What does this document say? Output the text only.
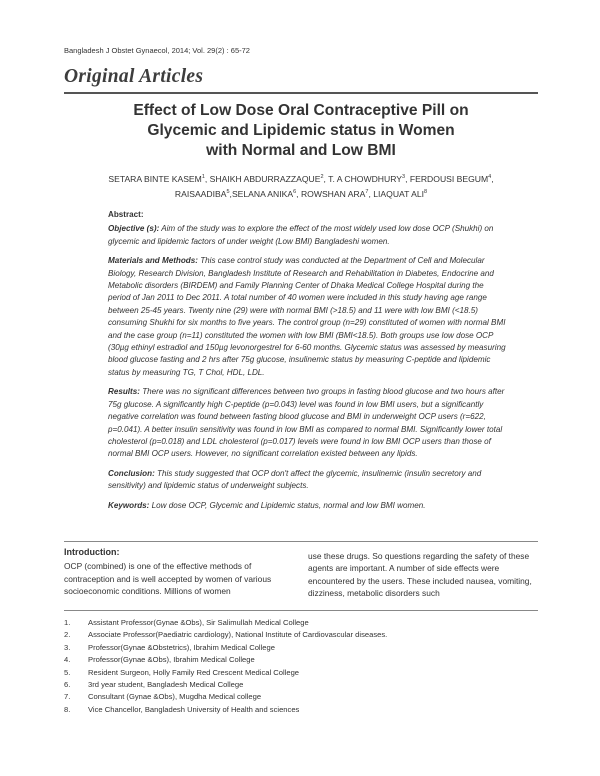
Bangladesh J Obstet Gynaecol, 2014; Vol. 29(2) : 65-72
Original Articles
Effect of Low Dose Oral Contraceptive Pill on
Glycemic and Lipidemic status in Women
with Normal and Low BMI
SETARA BINTE KASEM$^1$, SHAIKH ABDURRAZZAQUE$^2$, T. A CHOWDHURY$^3$, FERDOUSI BEGUM$^4$,
RAISAADIBA$^5$,SELANA ANIKA$^6$, ROWSHAN ARA$^7$, LIAQUAT ALI$^8$
Abstract:

Objective (s): Aim of the study was to explore the effect of the most widely used low dose OCP (Shukhi) on glycemic and lipidemic factors of under weight (Low BMI) Bangladeshi women.

Materials and Methods: This case control study was conducted at the Department of Cell and Molecular Biology, Research Division, Bangladesh Institute of Research and Rehabilitation in Diabetes, Endocrine and Metabolic disorders (BIRDEM) and Family Planning Center of Dhaka Medical College Hospital during the period of Jan 2011 to Dec 2011. A total number of 40 women were included in this study having age range between 25-45 years. Twenty nine (29) were with normal BMI (>18.5) and 11 were with low BMI (<18.5) consuming Shukhi for six months to five years. The control group (n=29) constituted of women with normal BMI and the case group (n=11) constituted the women with low BMI (BMI<18.5). Both groups use low dose OCP (30µg ethinyl estradiol and 150µg levonorgestrel for 6-60 months. Glycemic status was assessed by measuring blood glucose fasting and 2 hrs after 75g glucose, insulinemic status by measuring C-peptide and lipidemic status by measuring TG, T Chol, HDL, LDL.

Results: There was no significant differences between two groups in fasting blood glucose and two hours after 75g glucose. A significantly high C-peptide (p=0.043) level was found in low BMI users, but a significantly negative correlation was found between fasting blood glucose and BMI in underweight OCP users (r=622, p=0.041). A better insulin sensitivity was found in low BMI as compared to normal BMI. Significantly lower total cholesterol (p=0.018) and LDL cholesterol (p=0.017) levels were found in low BMI OCP users than those of normal BMI OCP users. However, no significant correlation existed between any lipids.

Conclusion: This study suggested that OCP don't affect the glycemic, insulinemic (insulin secretory and sensitivity) and lipidemic status of underweight subjects.

Keywords: Low dose OCP, Glycemic and Lipidemic status, normal and low BMI women.

Introduction:
OCP (combined) is one of the effective methods of contraception and is well accepted by women of various socioeconomic conditions. Millions of women
use these drugs. So questions regarding the safety of these agents are important. A number of side effects were encountered by the users. These included nausea, vomiting, dizziness, metabolic disorders such
1. Assistant Professor(Gynae &Obs), Sir Salimullah Medical College
2. Associate Professor(Paediatric cardiology), National Institute of Cardiovascular diseases.
3. Professor(Gynae &Obstetrics), Ibrahim Medical College
4. Professor(Gynae &Obs), Ibrahim Medical College
5. Resident Surgeon, Holly Family Red Crescent Medical College
6. 3rd year student, Bangladesh Medical College
7. Consultant (Gynae &Obs), Mugdha Medical college
8. Vice Chancellor, Bangladesh University of Health and sciences
